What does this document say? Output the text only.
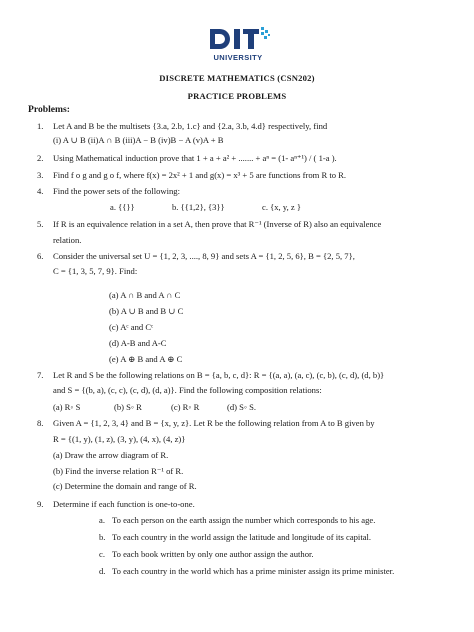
UNIVERSITY
DISCRETE MATHEMATICS (CSN202)
PRACTICE PROBLEMS
Problems:
1.	Let A and B be the multisets {3.a, 2.b, 1.c} and {2.a, 3.b, 4.d} respectively, find
(i) A ∪ B (ii)A ∩ B (iii)A − B (iv)B − A (v)A + B
2.	Using Mathematical induction prove that 1 + a + a² + ....... + aⁿ = (1- aⁿ⁺¹) / ( 1-a ).
3.	Find f o g and g o f, where f(x) = 2x² + 1 and g(x) = x³ + 5 are functions from R to R.
4.	Find the power sets of the following:
a. {{}}	b. {{1,2}, {3}}	c. {x, y, z }
5.	If R is an equivalence relation in a set A, then prove that R⁻¹ (Inverse of R) also an equivalence
relation.
6.	Consider the universal set U = {1, 2, 3, ...., 8, 9} and sets A = {1, 2, 5, 6}, B = {2, 5, 7},
C = {1, 3, 5, 7, 9}. Find:
(a) A ∩ B and A ∩ C
(b) A ∪ B and B ∪ C
(c) Aᶜ and Cᶜ
(d) A-B and A-C
(e) A ⊕ B and A ⊕ C
7.	Let R and S be the following relations on B = {a, b, c, d}: R = {(a, a), (a, c), (c, b), (c, d), (d, b)}
and S = {(b, a), (c, c), (c, d), (d, a)}. Find the following composition relations:
(a) R◦ S	(b) S◦ R	(c) R◦ R	(d) S◦ S.
8.	Given A = {1, 2, 3, 4} and B = {x, y, z}. Let R be the following relation from A to B given by
R = {(1, y), (1, z), (3, y), (4, x), (4, z)}
(a) Draw the arrow diagram of R.
(b) Find the inverse relation R⁻¹ of R.
(c) Determine the domain and range of R.
9.	Determine if each function is one-to-one.
a. To each person on the earth assign the number which corresponds to his age.
b. To each country in the world assign the latitude and longitude of its capital.
c. To each book written by only one author assign the author.
d. To each country in the world which has a prime minister assign its prime minister.
